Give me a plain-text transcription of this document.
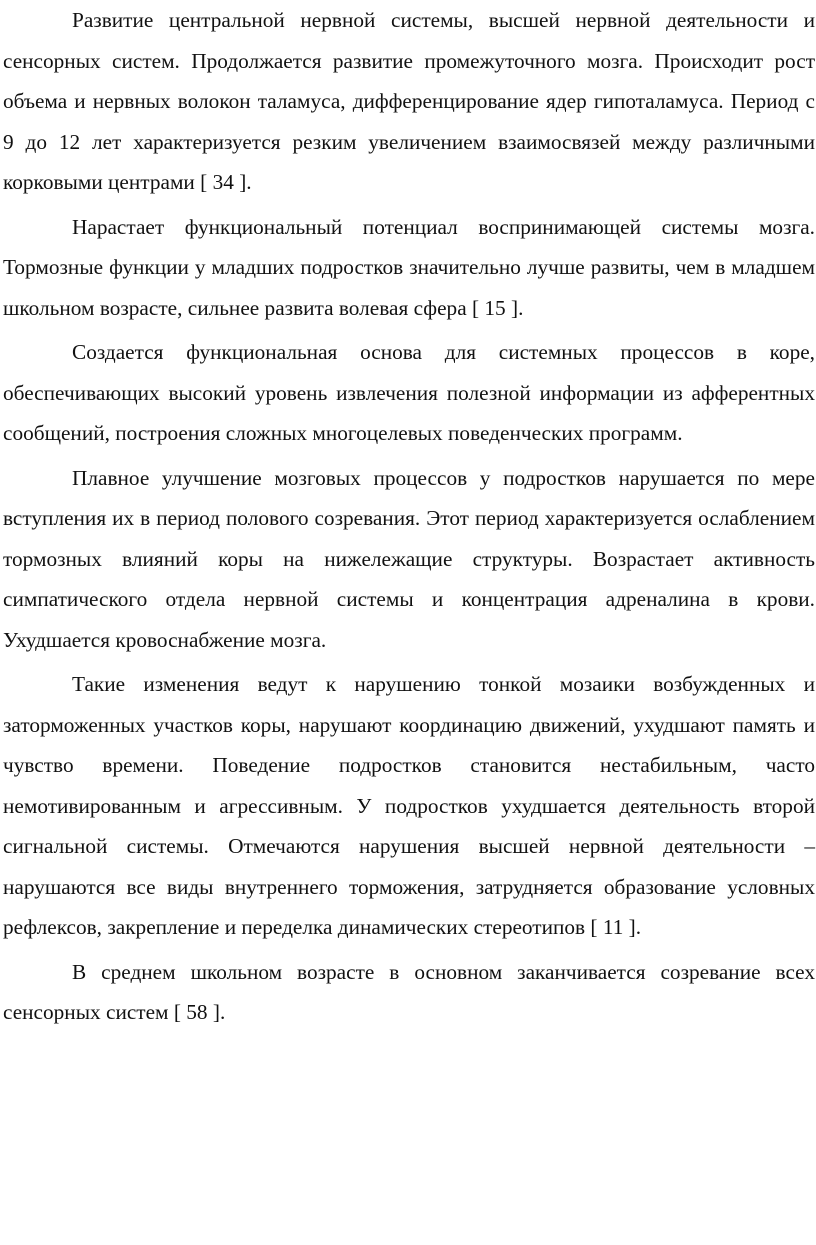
Развитие центральной нервной системы, высшей нервной деятельности и сенсорных систем. Продолжается развитие промежуточного мозга. Происходит рост объема и нервных волокон таламуса, дифференцирование ядер гипоталамуса. Период с 9 до 12 лет характеризуется резким увеличением взаимосвязей между различными корковыми центрами [ 34 ].

Нарастает функциональный потенциал воспринимающей системы мозга. Тормозные функции у младших подростков значительно лучше развиты, чем в младшем школьном возрасте, сильнее развита волевая сфера [ 15 ].

Создается функциональная основа для системных процессов в коре, обеспечивающих высокий уровень извлечения полезной информации из афферентных сообщений, построения сложных многоцелевых поведенческих программ.

Плавное улучшение мозговых процессов у подростков нарушается по мере вступления их в период полового созревания. Этот период характеризуется ослаблением тормозных влияний коры на нижележащие структуры. Возрастает активность симпатического отдела нервной системы и концентрация адреналина в крови. Ухудшается кровоснабжение мозга.

Такие изменения ведут к нарушению тонкой мозаики возбужденных и заторможенных участков коры, нарушают координацию движений, ухудшают память и чувство времени. Поведение подростков становится нестабильным, часто немотивированным и агрессивным. У подростков ухудшается деятельность второй сигнальной системы. Отмечаются нарушения высшей нервной деятельности – нарушаются все виды внутреннего торможения, затрудняется образование условных рефлексов, закрепление и переделка динамических стереотипов [ 11 ].

В среднем школьном возрасте в основном заканчивается созревание всех сенсорных систем [ 58 ].
